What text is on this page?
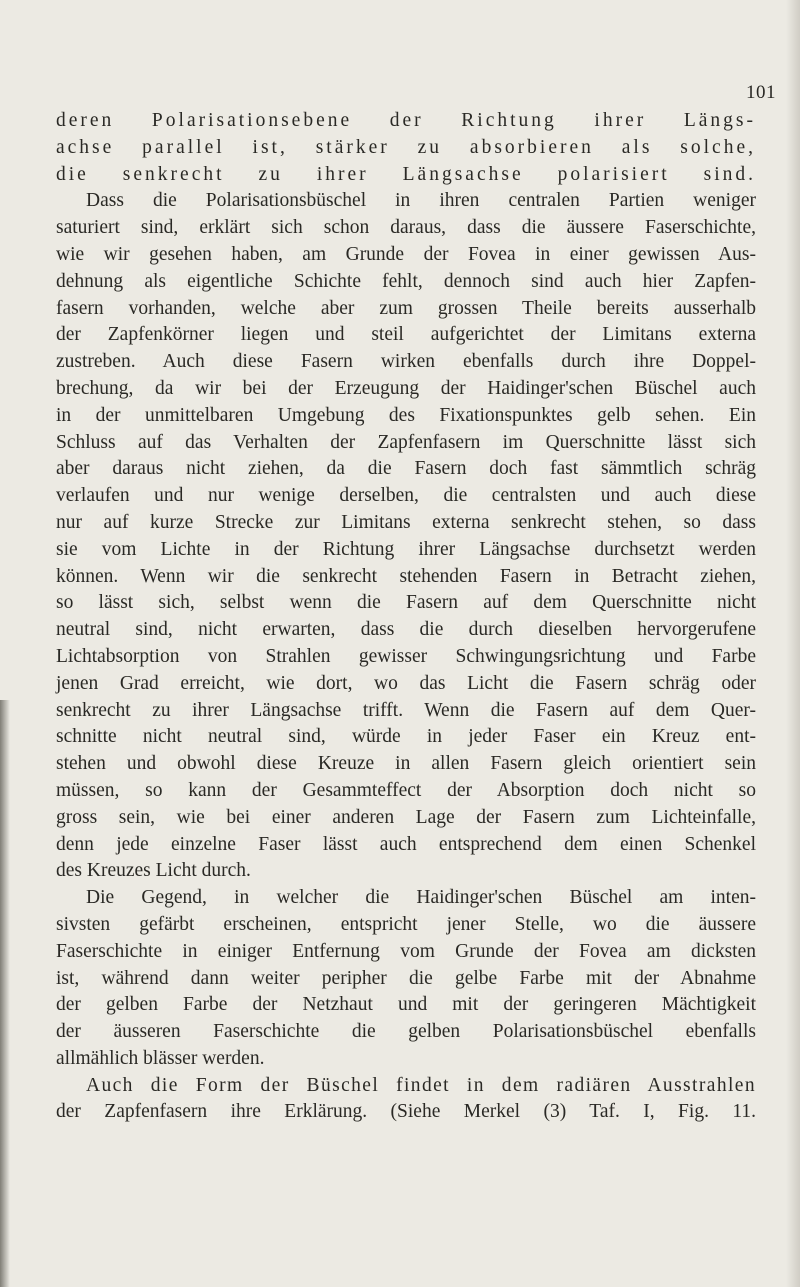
101
deren Polarisationsebene der Richtung ihrer Längs-
achse parallel ist, stärker zu absorbieren als solche,
die senkrecht zu ihrer Längsachse polarisiert sind.
Dass die Polarisationsbüschel in ihren centralen Partien weniger
saturiert sind, erklärt sich schon daraus, dass die äussere Faserschichte,
wie wir gesehen haben, am Grunde der Fovea in einer gewissen Aus-
dehnung als eigentliche Schichte fehlt, dennoch sind auch hier Zapfen-
fasern vorhanden, welche aber zum grossen Theile bereits ausserhalb
der Zapfenkörner liegen und steil aufgerichtet der Limitans externa
zustreben. Auch diese Fasern wirken ebenfalls durch ihre Doppel-
brechung, da wir bei der Erzeugung der Haidinger'schen Büschel auch
in der unmittelbaren Umgebung des Fixationspunktes gelb sehen. Ein
Schluss auf das Verhalten der Zapfenfasern im Querschnitte lässt sich
aber daraus nicht ziehen, da die Fasern doch fast sämmtlich schräg
verlaufen und nur wenige derselben, die centralsten und auch diese
nur auf kurze Strecke zur Limitans externa senkrecht stehen, so dass
sie vom Lichte in der Richtung ihrer Längsachse durchsetzt werden
können. Wenn wir die senkrecht stehenden Fasern in Betracht ziehen,
so lässt sich, selbst wenn die Fasern auf dem Querschnitte nicht
neutral sind, nicht erwarten, dass die durch dieselben hervorgerufene
Lichtabsorption von Strahlen gewisser Schwingungsrichtung und Farbe
jenen Grad erreicht, wie dort, wo das Licht die Fasern schräg oder
senkrecht zu ihrer Längsachse trifft. Wenn die Fasern auf dem Quer-
schnitte nicht neutral sind, würde in jeder Faser ein Kreuz ent-
stehen und obwohl diese Kreuze in allen Fasern gleich orientiert sein
müssen, so kann der Gesammteffect der Absorption doch nicht so
gross sein, wie bei einer anderen Lage der Fasern zum Lichteinfalle,
denn jede einzelne Faser lässt auch entsprechend dem einen Schenkel
des Kreuzes Licht durch.
Die Gegend, in welcher die Haidinger'schen Büschel am inten-
sivsten gefärbt erscheinen, entspricht jener Stelle, wo die äussere
Faserschichte in einiger Entfernung vom Grunde der Fovea am dicksten
ist, während dann weiter peripher die gelbe Farbe mit der Abnahme
der gelben Farbe der Netzhaut und mit der geringeren Mächtigkeit
der äusseren Faserschichte die gelben Polarisationsbüschel ebenfalls
allmählich blässer werden.
Auch die Form der Büschel findet in dem radiären Ausstrahlen
der Zapfenfasern ihre Erklärung. (Siehe Merkel (3) Taf. I, Fig. 11.
